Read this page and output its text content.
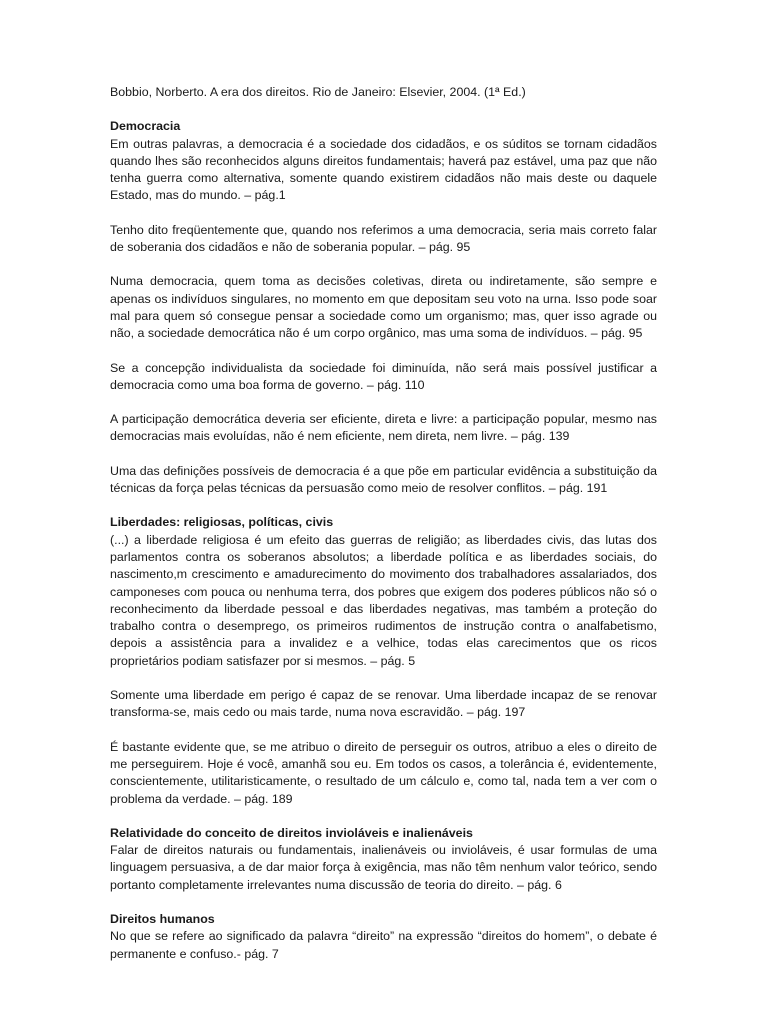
Bobbio, Norberto. A era dos direitos. Rio de Janeiro: Elsevier, 2004. (1ª Ed.)

Democracia

Em outras palavras, a democracia é a sociedade dos cidadãos, e os súditos se tornam cidadãos quando lhes são reconhecidos alguns direitos fundamentais; haverá paz estável, uma paz que não tenha guerra como alternativa, somente quando existirem cidadãos não mais deste ou daquele Estado, mas do mundo. – pág.1

Tenho dito freqüentemente que, quando nos referimos a uma democracia, seria mais correto falar de soberania dos cidadãos e não de soberania popular. – pág. 95

Numa democracia, quem toma as decisões coletivas, direta ou indiretamente, são sempre e apenas os indivíduos singulares, no momento em que depositam seu voto na urna. Isso pode soar mal para quem só consegue pensar a sociedade como um organismo; mas, quer isso agrade ou não, a sociedade democrática não é um corpo orgânico, mas uma soma de indivíduos. – pág. 95

Se a concepção individualista da sociedade foi diminuída, não será mais possível justificar a democracia como uma boa forma de governo. – pág. 110

A participação democrática deveria ser eficiente, direta e livre: a participação popular, mesmo nas democracias mais evoluídas, não é nem eficiente, nem direta, nem livre. – pág. 139

Uma das definições possíveis de democracia é a que põe em particular evidência a substituição da técnicas da força pelas técnicas da persuasão como meio de resolver conflitos. – pág. 191

Liberdades: religiosas, políticas, civis

(...) a liberdade religiosa é um efeito das guerras de religião; as liberdades civis, das lutas dos parlamentos contra os soberanos absolutos; a liberdade política e as liberdades sociais, do nascimento,m crescimento e amadurecimento do movimento dos trabalhadores assalariados, dos camponeses com pouca ou nenhuma terra, dos pobres que exigem dos poderes públicos não só o reconhecimento da liberdade pessoal e das liberdades negativas, mas também a proteção do trabalho contra o desemprego, os primeiros rudimentos de instrução contra o analfabetismo, depois a assistência para a invalidez e a velhice, todas elas carecimentos que os ricos proprietários podiam satisfazer por si mesmos. – pág. 5

Somente uma liberdade em perigo é capaz de se renovar. Uma liberdade incapaz de se renovar transforma-se, mais cedo ou mais tarde, numa nova escravidão. – pág. 197

É bastante evidente que, se me atribuo o direito de perseguir os outros, atribuo a eles o direito de me perseguirem. Hoje é você, amanhã sou eu. Em todos os casos, a tolerância é, evidentemente, conscientemente, utilitaristicamente, o resultado de um cálculo e, como tal, nada tem a ver com o problema da verdade. – pág. 189

Relatividade do conceito de direitos invioláveis e inalienáveis

Falar de direitos naturais ou fundamentais, inalienáveis ou invioláveis, é usar formulas de uma linguagem persuasiva, a de dar maior força à exigência, mas não têm nenhum valor teórico, sendo portanto completamente irrelevantes numa discussão de teoria do direito. – pág. 6

Direitos humanos

No que se refere ao significado da palavra “direito” na expressão “direitos do homem”, o debate é permanente e confuso.- pág. 7
